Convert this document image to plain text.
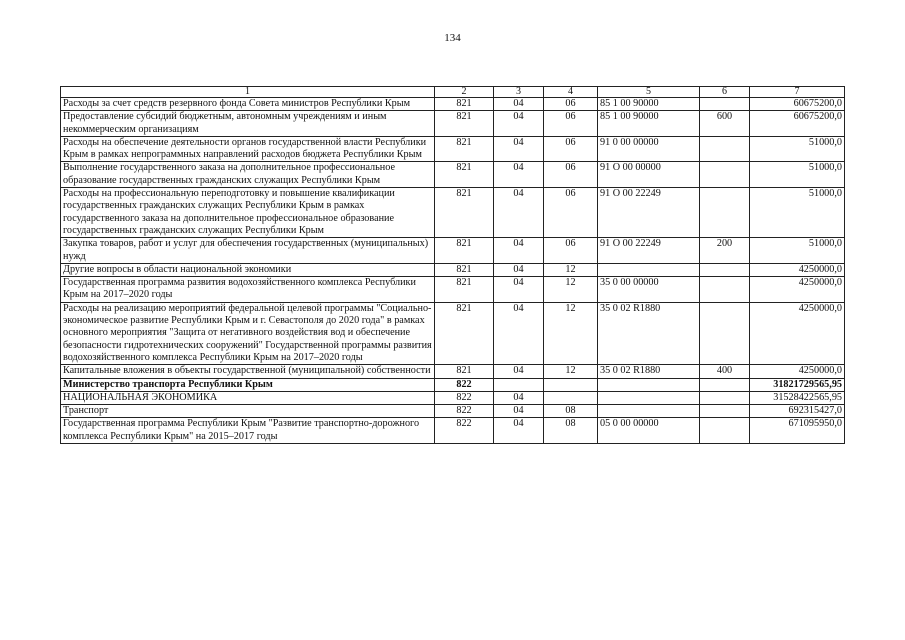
134
1	2	3	4	5	6	7
Расходы за счет средств резервного фонда Совета министров Республики Крым	821	04	06	85 1 00 90000		60675200,0
Предоставление субсидий бюджетным, автономным учреждениям и иным некоммерческим организациям	821	04	06	85 1 00 90000	600	60675200,0
Расходы на обеспечение деятельности органов государственной власти Республики Крым в рамках непрограммных направлений расходов бюджета Республики Крым	821	04	06	91 0 00 00000		51000,0
Выполнение государственного заказа на дополнительное профессиональное образование государственных гражданских служащих Республики Крым	821	04	06	91 О 00 00000		51000,0
Расходы на профессиональную переподготовку и повышение квалификации государственных гражданских служащих Республики Крым в рамках государственного заказа на дополнительное профессиональное образование государственных гражданских служащих Республики Крым	821	04	06	91 О 00 22249		51000,0
Закупка товаров, работ и услуг для обеспечения государственных (муниципальных) нужд	821	04	06	91 О 00 22249	200	51000,0
Другие вопросы в области национальной экономики	821	04	12			4250000,0
Государственная программа развития водохозяйственного комплекса Республики Крым на 2017–2020 годы	821	04	12	35 0 00 00000		4250000,0
Расходы на реализацию мероприятий федеральной целевой программы "Социально-экономическое развитие Республики Крым и г. Севастополя до 2020 года" в рамках основного мероприятия "Защита от негативного воздействия вод и обеспечение безопасности гидротехнических сооружений" Государственной программы развития водохозяйственного комплекса Республики Крым на 2017–2020 годы	821	04	12	35 0 02 R1880		4250000,0
Капитальные вложения в объекты государственной (муниципальной) собственности	821	04	12	35 0 02 R1880	400	4250000,0
Министерство транспорта Республики Крым	822					31821729565,95
НАЦИОНАЛЬНАЯ ЭКОНОМИКА	822	04				31528422565,95
Транспорт	822	04	08			692315427,0
Государственная программа Республики Крым "Развитие транспортно-дорожного комплекса Республики Крым" на 2015–2017 годы	822	04	08	05 0 00 00000		671095950,0
